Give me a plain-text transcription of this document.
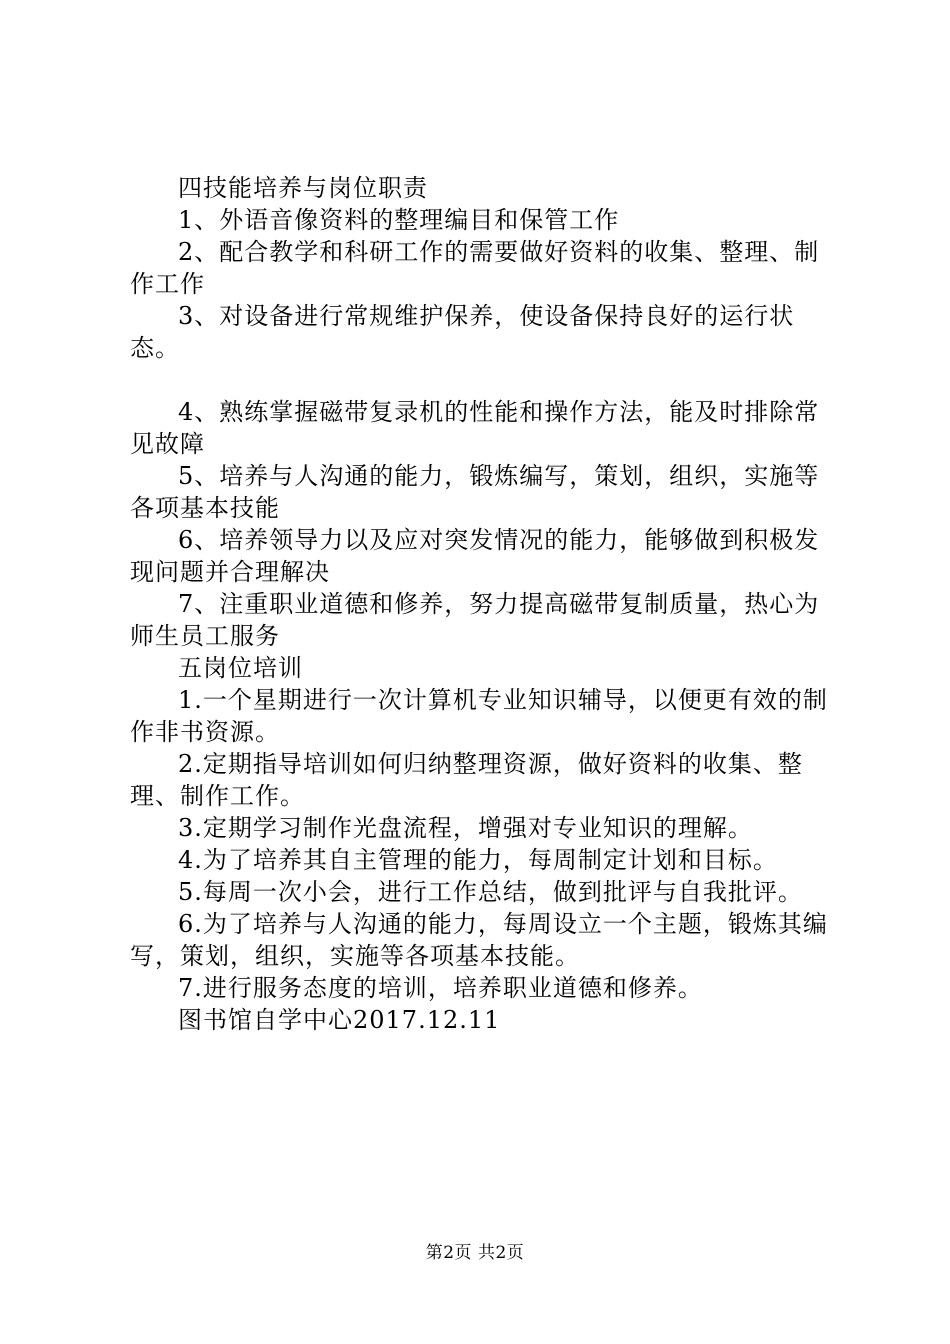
四技能培养与岗位职责

1、外语音像资料的整理编目和保管工作

2、配合教学和科研工作的需要做好资料的收集、整理、制作工作

3、对设备进行常规维护保养，使设备保持良好的运行状态。

4、熟练掌握磁带复录机的性能和操作方法，能及时排除常见故障

5、培养与人沟通的能力，锻炼编写，策划，组织，实施等各项基本技能

6、培养领导力以及应对突发情况的能力，能够做到积极发现问题并合理解决

7、注重职业道德和修养，努力提高磁带复制质量，热心为师生员工服务

五岗位培训

1.一个星期进行一次计算机专业知识辅导，以便更有效的制作非书资源。

2.定期指导培训如何归纳整理资源，做好资料的收集、整理、制作工作。

3.定期学习制作光盘流程，增强对专业知识的理解。

4.为了培养其自主管理的能力，每周制定计划和目标。

5.每周一次小会，进行工作总结，做到批评与自我批评。

6.为了培养与人沟通的能力，每周设立一个主题，锻炼其编写，策划，组织，实施等各项基本技能。

7.进行服务态度的培训，培养职业道德和修养。

图书馆自学中心2017.12.11

第2页 共2页
